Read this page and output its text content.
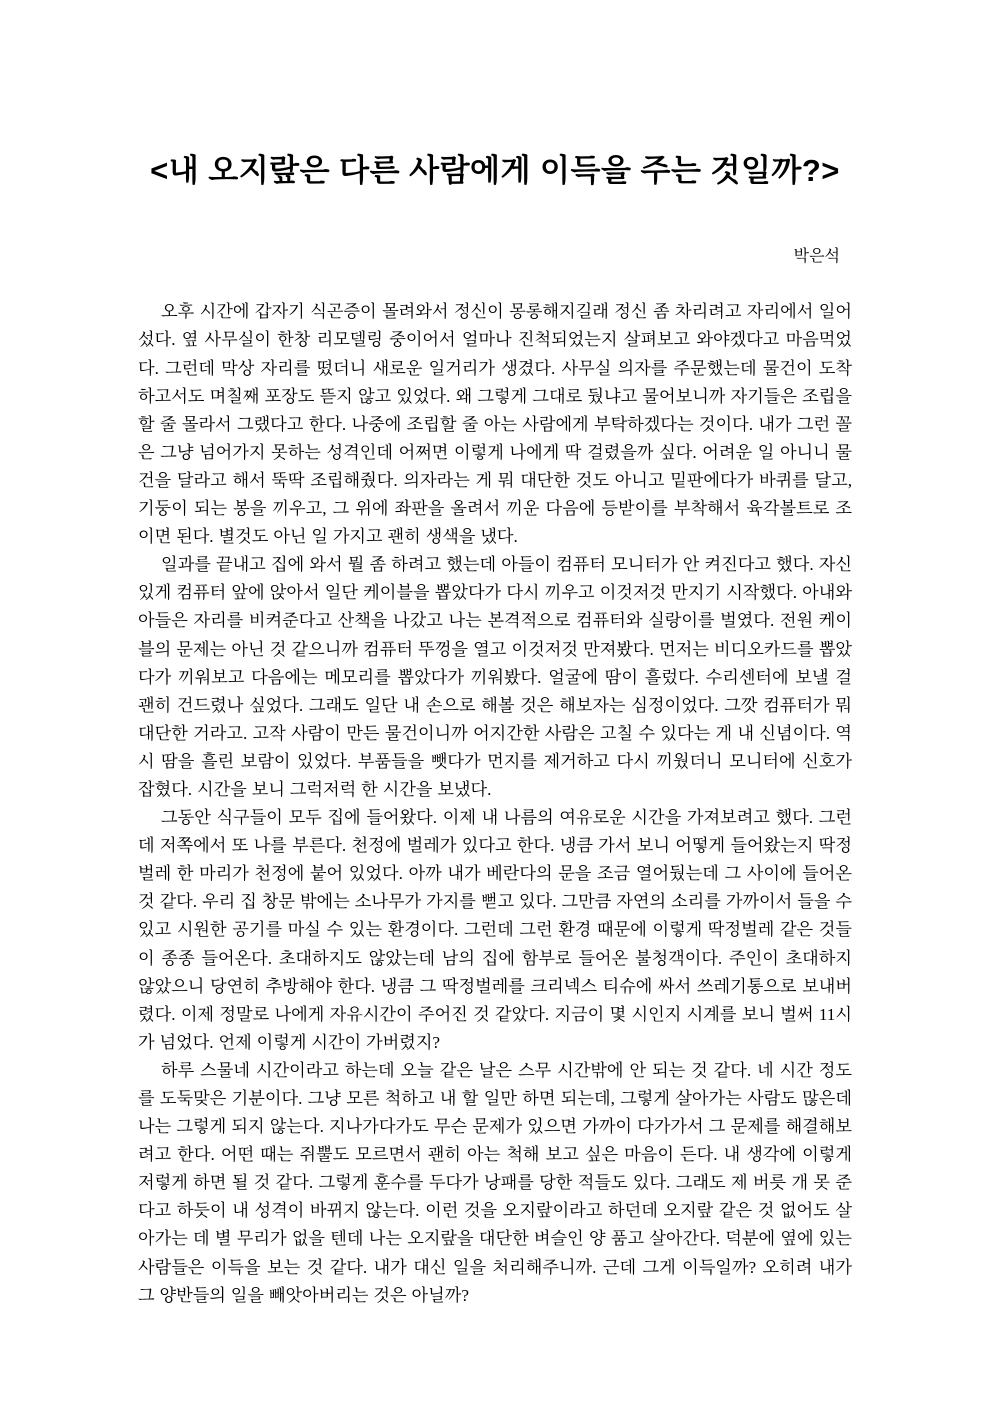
<내 오지랖은 다른 사람에게 이득을 주는 것일까?>
박은석

오후 시간에 갑자기 식곤증이 몰려와서 정신이 몽롱해지길래 정신 좀 차리려고 자리에서 일어섰다. 옆 사무실이 한창 리모델링 중이어서 얼마나 진척되었는지 살펴보고 와야겠다고 마음먹었다. 그런데 막상 자리를 떴더니 새로운 일거리가 생겼다. 사무실 의자를 주문했는데 물건이 도착하고서도 며칠째 포장도 뜯지 않고 있었다. 왜 그렇게 그대로 뒀냐고 물어보니까 자기들은 조립을 할 줄 몰라서 그랬다고 한다. 나중에 조립할 줄 아는 사람에게 부탁하겠다는 것이다. 내가 그런 꼴은 그냥 넘어가지 못하는 성격인데 어쩌면 이렇게 나에게 딱 걸렸을까 싶다. 어려운 일 아니니 물건을 달라고 해서 뚝딱 조립해줬다. 의자라는 게 뭐 대단한 것도 아니고 밑판에다가 바퀴를 달고, 기둥이 되는 봉을 끼우고, 그 위에 좌판을 올려서 끼운 다음에 등받이를 부착해서 육각볼트로 조이면 된다. 별것도 아닌 일 가지고 괜히 생색을 냈다.

일과를 끝내고 집에 와서 뭘 좀 하려고 했는데 아들이 컴퓨터 모니터가 안 켜진다고 했다. 자신 있게 컴퓨터 앞에 앉아서 일단 케이블을 뽑았다가 다시 끼우고 이것저것 만지기 시작했다. 아내와 아들은 자리를 비켜준다고 산책을 나갔고 나는 본격적으로 컴퓨터와 실랑이를 벌였다. 전원 케이블의 문제는 아닌 것 같으니까 컴퓨터 뚜껑을 열고 이것저것 만져봤다. 먼저는 비디오카드를 뽑았다가 끼워보고 다음에는 메모리를 뽑았다가 끼워봤다. 얼굴에 땀이 흘렀다. 수리센터에 보낼 걸 괜히 건드렸나 싶었다. 그래도 일단 내 손으로 해볼 것은 해보자는 심정이었다. 그깟 컴퓨터가 뭐 대단한 거라고. 고작 사람이 만든 물건이니까 어지간한 사람은 고칠 수 있다는 게 내 신념이다. 역시 땀을 흘린 보람이 있었다. 부품들을 뺏다가 먼지를 제거하고 다시 끼웠더니 모니터에 신호가 잡혔다. 시간을 보니 그럭저럭 한 시간을 보냈다.

그동안 식구들이 모두 집에 들어왔다. 이제 내 나름의 여유로운 시간을 가져보려고 했다. 그런데 저쪽에서 또 나를 부른다. 천정에 벌레가 있다고 한다. 냉큼 가서 보니 어떻게 들어왔는지 딱정벌레 한 마리가 천정에 붙어 있었다. 아까 내가 베란다의 문을 조금 열어뒀는데 그 사이에 들어온 것 같다. 우리 집 창문 밖에는 소나무가 가지를 뻗고 있다. 그만큼 자연의 소리를 가까이서 들을 수 있고 시원한 공기를 마실 수 있는 환경이다. 그런데 그런 환경 때문에 이렇게 딱정벌레 같은 것들이 종종 들어온다. 초대하지도 않았는데 남의 집에 함부로 들어온 불청객이다. 주인이 초대하지 않았으니 당연히 추방해야 한다. 냉큼 그 딱정벌레를 크리넥스 티슈에 싸서 쓰레기통으로 보내버렸다. 이제 정말로 나에게 자유시간이 주어진 것 같았다. 지금이 몇 시인지 시계를 보니 벌써 11시가 넘었다. 언제 이렇게 시간이 가버렸지?

하루 스물네 시간이라고 하는데 오늘 같은 날은 스무 시간밖에 안 되는 것 같다. 네 시간 정도를 도둑맞은 기분이다. 그냥 모른 척하고 내 할 일만 하면 되는데, 그렇게 살아가는 사람도 많은데 나는 그렇게 되지 않는다. 지나가다가도 무슨 문제가 있으면 가까이 다가가서 그 문제를 해결해보려고 한다. 어떤 때는 쥐뿔도 모르면서 괜히 아는 척해 보고 싶은 마음이 든다. 내 생각에 이렇게 저렇게 하면 될 것 같다. 그렇게 훈수를 두다가 낭패를 당한 적들도 있다. 그래도 제 버릇 개 못 준다고 하듯이 내 성격이 바뀌지 않는다. 이런 것을 오지랖이라고 하던데 오지랖 같은 것 없어도 살아가는 데 별 무리가 없을 텐데 나는 오지랖을 대단한 벼슬인 양 품고 살아간다. 덕분에 옆에 있는 사람들은 이득을 보는 것 같다. 내가 대신 일을 처리해주니까. 근데 그게 이득일까? 오히려 내가 그 양반들의 일을 빼앗아버리는 것은 아닐까?
